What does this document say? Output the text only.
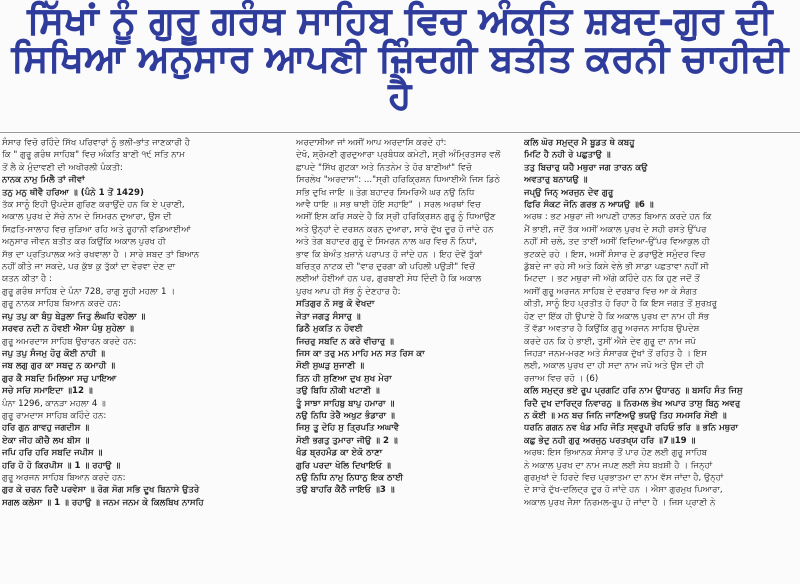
ਸਿੱਖਾਂ ਨੂੰ ਗੁਰੂ ਗਰੰਥ ਸਾਹਿਬ ਵਿਚ ਅੰਕਤਿ ਸ਼ਬਦ-ਗੁਰ ਦੀ
ਸਿਖਿਆ ਅਨੁਸਾਰ ਆਪਣੀ ਜ਼ਿੰਦਗੀ ਬਤੀਤ ਕਰਨੀ ਚਾਹੀਦੀ ਹੈ

ਸੰਸਾਰ ਵਿਚੋ ਰਹਿੰਦੇ ਸਿੱਖ ਪਰਿਵਾਰਾਂ ਨੂੰ ਭਲੀ-ਭਾਂਤ ਜਾਣਕਾਰੀ ਹੈ

ਕਿ " ਗੁਰੂ ਗਰੰਥ ਸਾਹਿਬ" ਵਿਚ ਅੰਕਤਿ ਬਾਣੀ ੧੯ ਸਤਿ ਨਾਮ

ਤੋਂ ਲੈ ਕੇ ਮੁੰਦਾਵਣੀ ਦੀ ਅਖੀਰਲੀ ਪੰਕਤੀ:

ਨਾਨਕ ਨਾਮੁ ਮਿਲੈ ਤਾਂ ਜੀਵਾਂ

ਤਨੁ ਮਨੁ ਥੀਵੈ ਹਰਿਆ ॥ (ਪੰਨੇ 1 ਤੋਂ 1429)

ਤੱਕ ਸਾਨੂੰ ਇਹੀ ਉਪਦੇਸ਼ ਗੁਰਿਣ ਕਰਾਉਂਦੇ ਹਨ ਕਿ ਏ ਪ੍ਰਾਣੀ,

ਅਕਾਲ ਪੁਰਖ ਦੇ ਸੱਚੇ ਨਾਮ ਦੇ ਸਿਮਰਨ ਦੁਆਰਾ, ਉਸ ਦੀ

ਸਿਫ਼ਤਿ-ਸਾਲਾਹ ਵਿਚ ਜੁੜਿਆ ਰਹਿ ਅਤੇ ਰੂਹਾਨੀ ਵਡਿਆਈਆਂ

ਅਨੁਸਾਰ ਜੀਵਨ ਬਤੀਤ ਕਰ ਕਿਉਂਕਿ ਅਕਾਲ ਪੁਰਖ ਹੀ

ਸੱਭ ਦਾ ਪ੍ਰਤਿਪਾਲਕ ਅਤੇ ਰਖਵਾਲਾ ਹੈ । ਸਾਰੇ ਸ਼ਬਦ ਤਾਂ ਬਿਆਨ

ਨਹੀਂ ਕੀਤੇ ਜਾ ਸਕਦੇ, ਪਰ ਕੁੱਝ ਕੁ ਤੁੱਕਾਂ ਦਾ ਵੇਰਵਾ ਦੇਣ ਦਾ

ਯਤਨ ਕੀਤਾ ਹੈ :

ਗੁਰੂ ਗਰੰਥ ਸਾਹਿਬ ਦੇ ਪੰਨਾ 728, ਰਾਗੁ ਸੂਹੀ ਮਹਲਾ 1 ।

ਗੁਰੂ ਨਾਨਕ ਸਾਹਿਬ ਬਿਆਨ ਕਰਦੇ ਹਨ:

ਜਪੁ ਤਪੁ ਕਾ ਬੰਧੁ ਬੇੜੁਲਾ ਜਿਤੁ ਲੰਘਹਿ ਵਹੇਲਾ ॥

ਸਰਵਰ ਨਦੀ ਨ ਹੋਵਈ ਐਸਾ ਪੰਥੁ ਸੁਹੇਲਾ ॥

ਗੁਰੂ ਅਮਰਦਾਸ ਸਾਹਿਬ ਉਚਾਰਨ ਕਰਦੇ ਹਨ:

ਜਪੁ ਤਪੁ ਸੰਜਮੁ ਹੋਰੁ ਕੋਈ ਨਾਹੀ ॥

ਜਬ ਲਗੁ ਗੁਰ ਕਾ ਸਬਦੁ ਨ ਕਮਾਹੀ ॥

ਗੁਰ ਕੈ ਸਬਦਿ ਮਿਲਿਆ ਸਚੁ ਪਾਇਆ

ਸਚੇ ਸਚਿ ਸਮਾਇਦਾ ॥12 ॥

ਪੰਨਾ 1296, ਕਾਨੜਾ ਮਹਲਾ 4 ॥

ਗੁਰੂ ਰਾਮਦਾਸ ਸਾਹਿਬ ਕਹਿੰਦੇ ਹਨ:

ਹਰਿ ਗੁਨ ਗਾਵਹੁ ਜਗਦੀਸ ॥

ਏਕਾ ਜੀਹ ਕੀਚੈ ਲਖ ਬੀਸ ॥

ਜਪਿ ਹਰਿ ਹਰਿ ਸਬਦਿ ਜਪੀਸ ॥

ਹਰਿ ਹੋ ਹੋ ਕਿਰਪੀਸ ॥ 1 ॥ ਰਹਾਉ ॥

ਗੁਰੂ ਅਰਜਨ ਸਾਹਿਬ ਬਿਆਨ ਕਰਦੇ ਹਨ:

ਗੁਰ ਕੇ ਚਰਨ ਰਿਦੈ ਪਰਵੇਸਾ ॥ ਰੋਗ ਸੋਗ ਸਭਿ ਦੂਖ ਬਿਨਾਸੇ ਉਤਰੇ

ਸਗਲ ਕਲੇਸਾ ॥ 1 ॥ ਰਹਾਉ ॥ ਜਨਮ ਜਨਮ ਕੇ ਕਿਲਬਿਖ ਨਾਸਹਿ

ਅਰਦਾਸੀਆ ਜਾਂ ਅਸੀਂ ਆਪ ਅਰਦਾਸਿ ਕਰਦੇ ਹਾਂ:

ਦੇਖੋ, ਸ਼੍ਰੋਮਣੀ ਗੁਰਦੁਆਰਾ ਪ੍ਰਬੰਧਕ ਕਮੇਟੀ, ਸ੍ਰੀ ਅੰਮ੍ਰਿਤਸਰ ਵਲੋਂ

ਛਾਪਦੇ "ਸਿੱਖ ਗੁਟਕਾ ਅਤੇ ਨਿਤਨੇਮ ਤੇ ਹੋਰ ਬਾਣੀਆਂ" ਵਿਚੋ

ਸਿਰਲੇਖ "ਅਰਦਾਸ": ..."ਸ੍ਰੀ ਹਰਿਕ੍ਰਿਸ਼ਨ ਧਿਆਈਐ ਜਿਸ ਡਿਠੇ

ਸਭਿ ਦੁਖਿ ਜਾਇ ॥ ਤੇਗ ਬਹਾਦਰ ਸਿਮਰਿਐ ਘਰ ਨਉ ਨਿਧਿ

ਆਵੈ ਧਾਇ ॥ ਸਭ ਥਾਈ ਹੋਇ ਸਹਾਇ" । ਸਰਲ ਅਰਥਾਂ ਵਿਚ

ਅਸੀਂ ਇਸ ਕਰਿ ਸਕਦੇ ਹੈ ਕਿ ਸ੍ਰੀ ਹਰਿਕ੍ਰਿਸ਼ਨ ਗੁਰੂ ਨੂੰ ਧਿਆਉਣ

ਅਤੇ ਉਨ੍ਹਾਂ ਦੇ ਦਰਸ਼ਨ ਕਰਨ ਦੁਆਰਾ, ਸਾਰੇ ਦੁੱਖ ਦੂਰ ਹੋ ਜਾਂਦੇ ਹਨ

ਅਤੇ ਤੇਗ ਬਹਾਦਰ ਗੁਰੂ ਦੇ ਸਿਮਰਨ ਨਾਲ ਘਰ ਵਿਚ ਨੌ ਨਿਧਾਂ,

ਭਾਵ ਕਿ ਬੇਅੰਤ ਖ਼ਜ਼ਾਨੇ ਪਰਾਪਤ ਹੋ ਜਾਂਦੇ ਹਨ । ਇਹ ਦੋਵੇਂ ਤੁੱਕਾਂ

ਬਚਿਤ੍ਰ ਨਾਟਕ ਦੀ "ਵਾਰ ਦੁਰਗਾ ਕੀ ਪਹਿਲੀ ਪਉੜੀ" ਵਿਚੋਂ

ਲਈਆਂ ਹੋਈਆਂ ਹਨ ਪਰ, ਗੁਰਬਾਣੀ ਸੇਧ ਦਿੰਦੀ ਹੈ ਕਿ ਅਕਾਲ

ਪੁਰਖ ਆਪ ਹੀ ਸੱਭ ਨੂੰ ਦੇਣਹਾਰ ਹੈ:

ਸਤਿਗੁਰ ਨੋ ਸਭੁ ਕੋ ਵੇਖਦਾ

ਜੇਤਾ ਜਗਤੁ ਸੰਸਾਰੁ ॥

ਡਿਠੈ ਮੁਕਤਿ ਨ ਹੋਵਈ

ਜਿਚਰੁ ਸਬਦਿ ਨ ਕਰੇ ਵੀਚਾਰੁ ॥

ਜਿਸ ਕਾ ਤਰੁ ਮਨ ਮਾਹਿ ਮਨ ਸਤ ਰਿਸ ਕਾ

ਸੋਈ ਸੁਘੜੁ ਸੁਜਾਣੀ ॥

ਤਿਨ ਹੀ ਸੁਣਿਆ ਦੁਖ ਸੁਖ ਮੇਰਾ

ਤਉ ਬਿਧਿ ਨੀਕੀ ਖਟਾਣੀ ॥

ਤੂੰ ਸਾਝਾ ਸਾਹਿਬੁ ਬਾਪੁ ਹਮਾਰਾ ॥

ਨਉ ਨਿਧਿ ਤੇਰੈ ਅਖੁਟ ਭੰਡਾਰਾ ॥

ਜਿਸੁ ਤੂ ਦੇਹਿ ਸੁ ਤ੍ਰਿਪਤਿ ਅਘਾਵੈ

ਸੋਈ ਭਗਤੁ ਤੁਮਾਰਾ ਜੀਉ ॥ 2 ॥

ਖੰਡ ਬ੍ਰਹਮੰਡ ਕਾ ਏਕੋ ਠਾਣਾ

ਗੁਰਿ ਪਰਦਾ ਖੋਲਿ ਦਿਖਾਇਓ ॥

ਨਉ ਨਿਧਿ ਨਾਮੁ ਨਿਧਾਨੁ ਇਕ ਠਾਈ

ਤਉ ਬਾਹਰਿ ਕੈਠੈ ਜਾਇਓ ॥3 ॥

ਕਲਿ ਘੋਰ ਸਮੁਦ੍ਰ ਮੈ ਬੂਡਤ ਥੇ ਕਬਹੂ

ਮਿਟਿ ਹੈ ਨਹੀ ਰੇ ਪਛੁਤਾਉ ॥

ਤਤੁ ਬਿਚਾਰੁ ਯਹੈ ਮਥੁਰਾ ਜਗ ਤਾਰਨ ਕਉ

ਅਵਤਾਰੁ ਬਨਾਯਉ ॥

ਜਪੵਉ ਜਿਨ੍ ਅਰਜੁਨ ਦੇਵ ਗੁਰੂ

ਫਿਰਿ ਸੰਕਟ ਜੋਨਿ ਗਰਭ ਨ ਆਯਉ ॥6 ॥

ਅਰਥ : ਭਟ ਮਥੁਰਾ ਜੀ ਆਪਣੀ ਹਾਲਤ ਬਿਆਨ ਕਰਦੇ ਹਨ ਕਿ

ਮੈਂ ਭਾਈ, ਜਦੋਂ ਤੱਕ ਅਸੀਂ ਅਕਾਲ ਪੁਰਖ ਦੇ ਸਹੀ ਰਸਤੇ ਉੱਪਰ

ਨਹੀਂ ਸੀ ਚਲੇ, ਤਦ ਤਾਈਂ ਅਸੀਂ ਵਿਦਿਆ-ਉੱਪਰ ਵਿਆਕੁਲ ਹੀ

ਭਟਕਦੇ ਰਹੇ । ਇਸ, ਅਸੀਂ ਸੰਸਾਰ ਦੇ ਡਰਾਉਣੇ ਸਮੁੰਦਰ ਵਿਚ

ਡੁੱਬਦੇ ਜਾ ਰਹੇ ਸੀ ਅਤੇ ਕਿਸੇ ਵੇਲੇ ਭੀ ਸਾਡਾ ਪਛਤਾਵਾ ਨਹੀਂ ਸੀ

ਮਿਟਦਾ । ਭਟ ਮਥੁਰਾ ਜੀ ਅੱਗੇ ਕਹਿੰਦੇ ਹਨ ਕਿ ਹੁਣ ਜਦੋਂ ਤੋਂ

ਅਸੀਂ ਗੁਰੂ ਅਰਜਨ ਸਾਹਿਬ ਦੇ ਦਰਬਾਰ ਵਿਚ ਆ ਕੇ ਸੰਗਤ

ਕੀਤੀ, ਸਾਨੂੰ ਇਹ ਪ੍ਰਤੀਤ ਹੋ ਰਿਹਾ ਹੈ ਕਿ ਇਸ ਜਗਤ ਤੋਂ ਸੁਰਖ਼ਰੂ

ਹੋਣ ਦਾ ਇੱਕ ਹੀ ਉਪਾਏ ਹੈ ਕਿ ਅਕਾਲ ਪੁਰਖ ਦਾ ਨਾਮ ਹੀ ਸੱਭ

ਤੋਂ ਵੱਡਾ ਅਵਤਾਰ ਹੈ ਕਿਉਂਕਿ ਗੁਰੂ ਅਰਜਨ ਸਾਹਿਬ ਉਪਦੇਸ਼

ਕਰਦੇ ਹਨ ਕਿ ਹੇ ਭਾਈ, ਤੁਸੀਂ ਐਸੇ ਦੇਵ ਗੁਰੂ ਦਾ ਨਾਮ ਜਪੋ

ਜਿਹੜਾ ਜਨਮ-ਮਰਣ ਅਤੇ ਸੰਸਾਰਕ ਦੁੱਖਾਂ ਤੋਂ ਰਹਿਤ ਹੈ । ਇਸ

ਲਈ, ਅਕਾਲ ਪੁਰਖ ਦਾ ਹੀ ਸਦਾ ਨਾਮ ਜਪੋ ਅਤੇ ਉਸ ਦੀ ਹੀ

ਰਜ਼ਾਅ ਵਿਚ ਰਹੋ । (6)

ਕਲਿ ਸਮੁਦ੍ਰ ਭਏ ਰੂਪ ਪ੍ਰਗਟਿ ਹਰਿ ਨਾਮ ਉਧਾਰਨੁ ॥ ਬਸਹਿ ਸੰਤ ਜਿਸੁ

ਰਿਦੈ ਦੁਖ ਦਾਰਿਦ੍ਰ ਨਿਵਾਰਨੁ ॥ ਨਿਰਮਲ ਭੇਖ ਅਪਾਰ ਤਾਸੁ ਬਿਨੁ ਅਵਰੁ

ਨ ਕੋਈ ॥ ਮਨ ਬਚ ਜਿਨਿ ਜਾਣਿਅਉ ਭਯਉ ਤਿਹ ਸਮਸਰਿ ਸੋਈ ॥

ਧਰਨਿ ਗਗਨ ਨਵ ਖੰਡ ਮਹਿ ਜੋਤਿ ਸ੍ਵਰੂਪੀ ਰਹਿਓ ਭਰਿ ॥ ਭਨਿ ਮਥੁਰਾ

ਕਛੁ ਭੇਦੁ ਨਹੀ ਗੁਰੁ ਅਰਜੁਨੁ ਪਰਤਖ੍ਯ ਹਰਿ ॥7॥19 ॥

ਅਰਥ: ਇਸ ਭਿਆਨਕ ਸੰਸਾਰ ਤੋਂ ਪਾਰ ਹੋਣ ਲਈ ਗੁਰੂ ਸਾਹਿਬ

ਨੇ ਅਕਾਲ ਪੁਰਖ ਦਾ ਨਾਮ ਜਪਣ ਲਈ ਸੇਧ ਬਖ਼ਸ਼ੀ ਹੈ । ਜਿਨ੍ਹਾਂ

ਗੁਰਮੁਖਾਂ ਦੇ ਹਿਰਦੇ ਵਿਚ ਪ੍ਰਭਾਤਮਾ ਦਾ ਨਾਮ ਵੱਸ ਜਾਂਦਾ ਹੈ, ਉਨ੍ਹਾਂ

ਦੇ ਸਾਰੇ ਦੁੱਖ-ਦਲਿਦ੍ਰ ਦੂਰ ਹੋ ਜਾਂਦੇ ਹਨ । ਐਸਾ ਗੁਰਮੁਖ ਪਿਆਰਾ,

ਅਕਾਲ ਪੁਰਖ ਜੈਸਾ ਨਿਰਮਲ-ਰੂਪ ਹੋ ਜਾਂਦਾ ਹੈ । ਜਿਸ ਪ੍ਰਾਣੀ ਨੇ
